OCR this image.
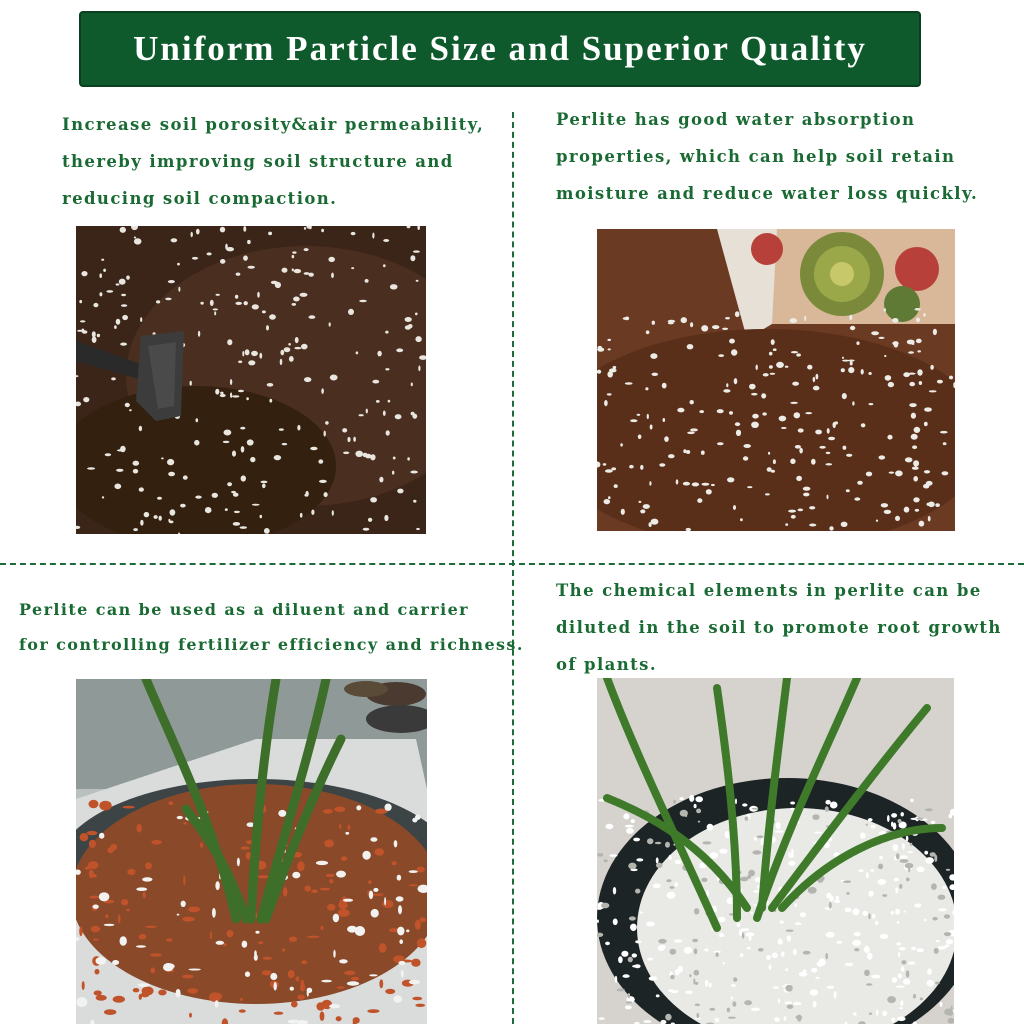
Uniform Particle Size and Superior Quality
Increase soil porosity&air permeability,
thereby improving soil structure and
reducing soil compaction.
Perlite has good water absorption
properties, which can help soil retain
moisture and reduce water loss quickly.
Perlite can be used as a diluent and carrier
for controlling fertilizer efficiency and richness.
The chemical elements in perlite can be
diluted in the soil to promote root growth
of plants.
